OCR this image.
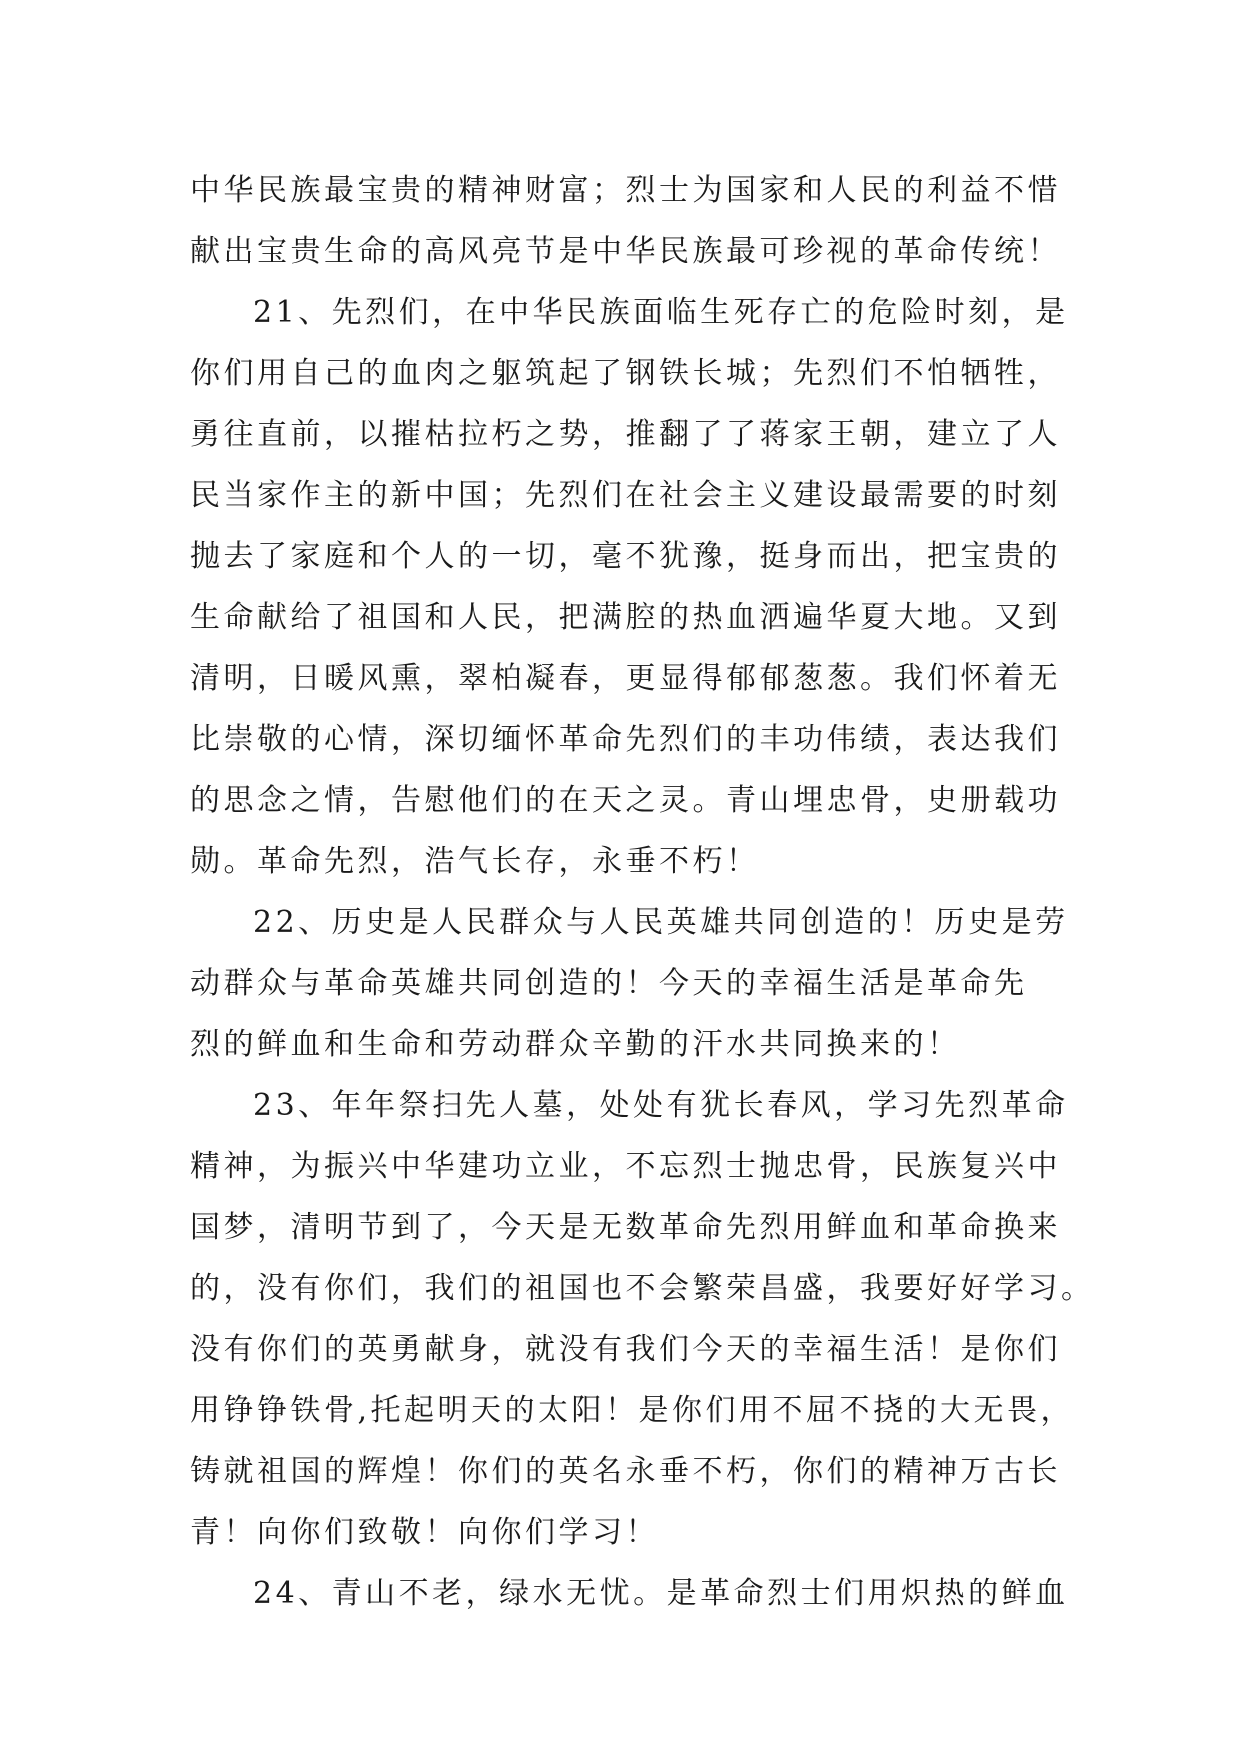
中华民族最宝贵的精神财富；烈士为国家和人民的利益不惜
献出宝贵生命的高风亮节是中华民族最可珍视的革命传统！
21、先烈们，在中华民族面临生死存亡的危险时刻，是
你们用自己的血肉之躯筑起了钢铁长城；先烈们不怕牺牲，
勇往直前，以摧枯拉朽之势，推翻了了蒋家王朝，建立了人
民当家作主的新中国；先烈们在社会主义建设最需要的时刻
抛去了家庭和个人的一切，毫不犹豫，挺身而出，把宝贵的
生命献给了祖国和人民，把满腔的热血洒遍华夏大地。又到
清明，日暖风熏，翠柏凝春，更显得郁郁葱葱。我们怀着无
比崇敬的心情，深切缅怀革命先烈们的丰功伟绩，表达我们
的思念之情，告慰他们的在天之灵。青山埋忠骨，史册载功
勋。革命先烈，浩气长存，永垂不朽！
22、历史是人民群众与人民英雄共同创造的！历史是劳
动群众与革命英雄共同创造的！今天的幸福生活是革命先
烈的鲜血和生命和劳动群众辛勤的汗水共同换来的！
23、年年祭扫先人墓，处处有犹长春风，学习先烈革命
精神，为振兴中华建功立业，不忘烈士抛忠骨，民族复兴中
国梦，清明节到了，今天是无数革命先烈用鲜血和革命换来
的，没有你们，我们的祖国也不会繁荣昌盛，我要好好学习。
没有你们的英勇献身，就没有我们今天的幸福生活！是你们
用铮铮铁骨,托起明天的太阳！是你们用不屈不挠的大无畏，
铸就祖国的辉煌！你们的英名永垂不朽，你们的精神万古长
青！向你们致敬！向你们学习！
24、青山不老，绿水无忧。是革命烈士们用炽热的鲜血
